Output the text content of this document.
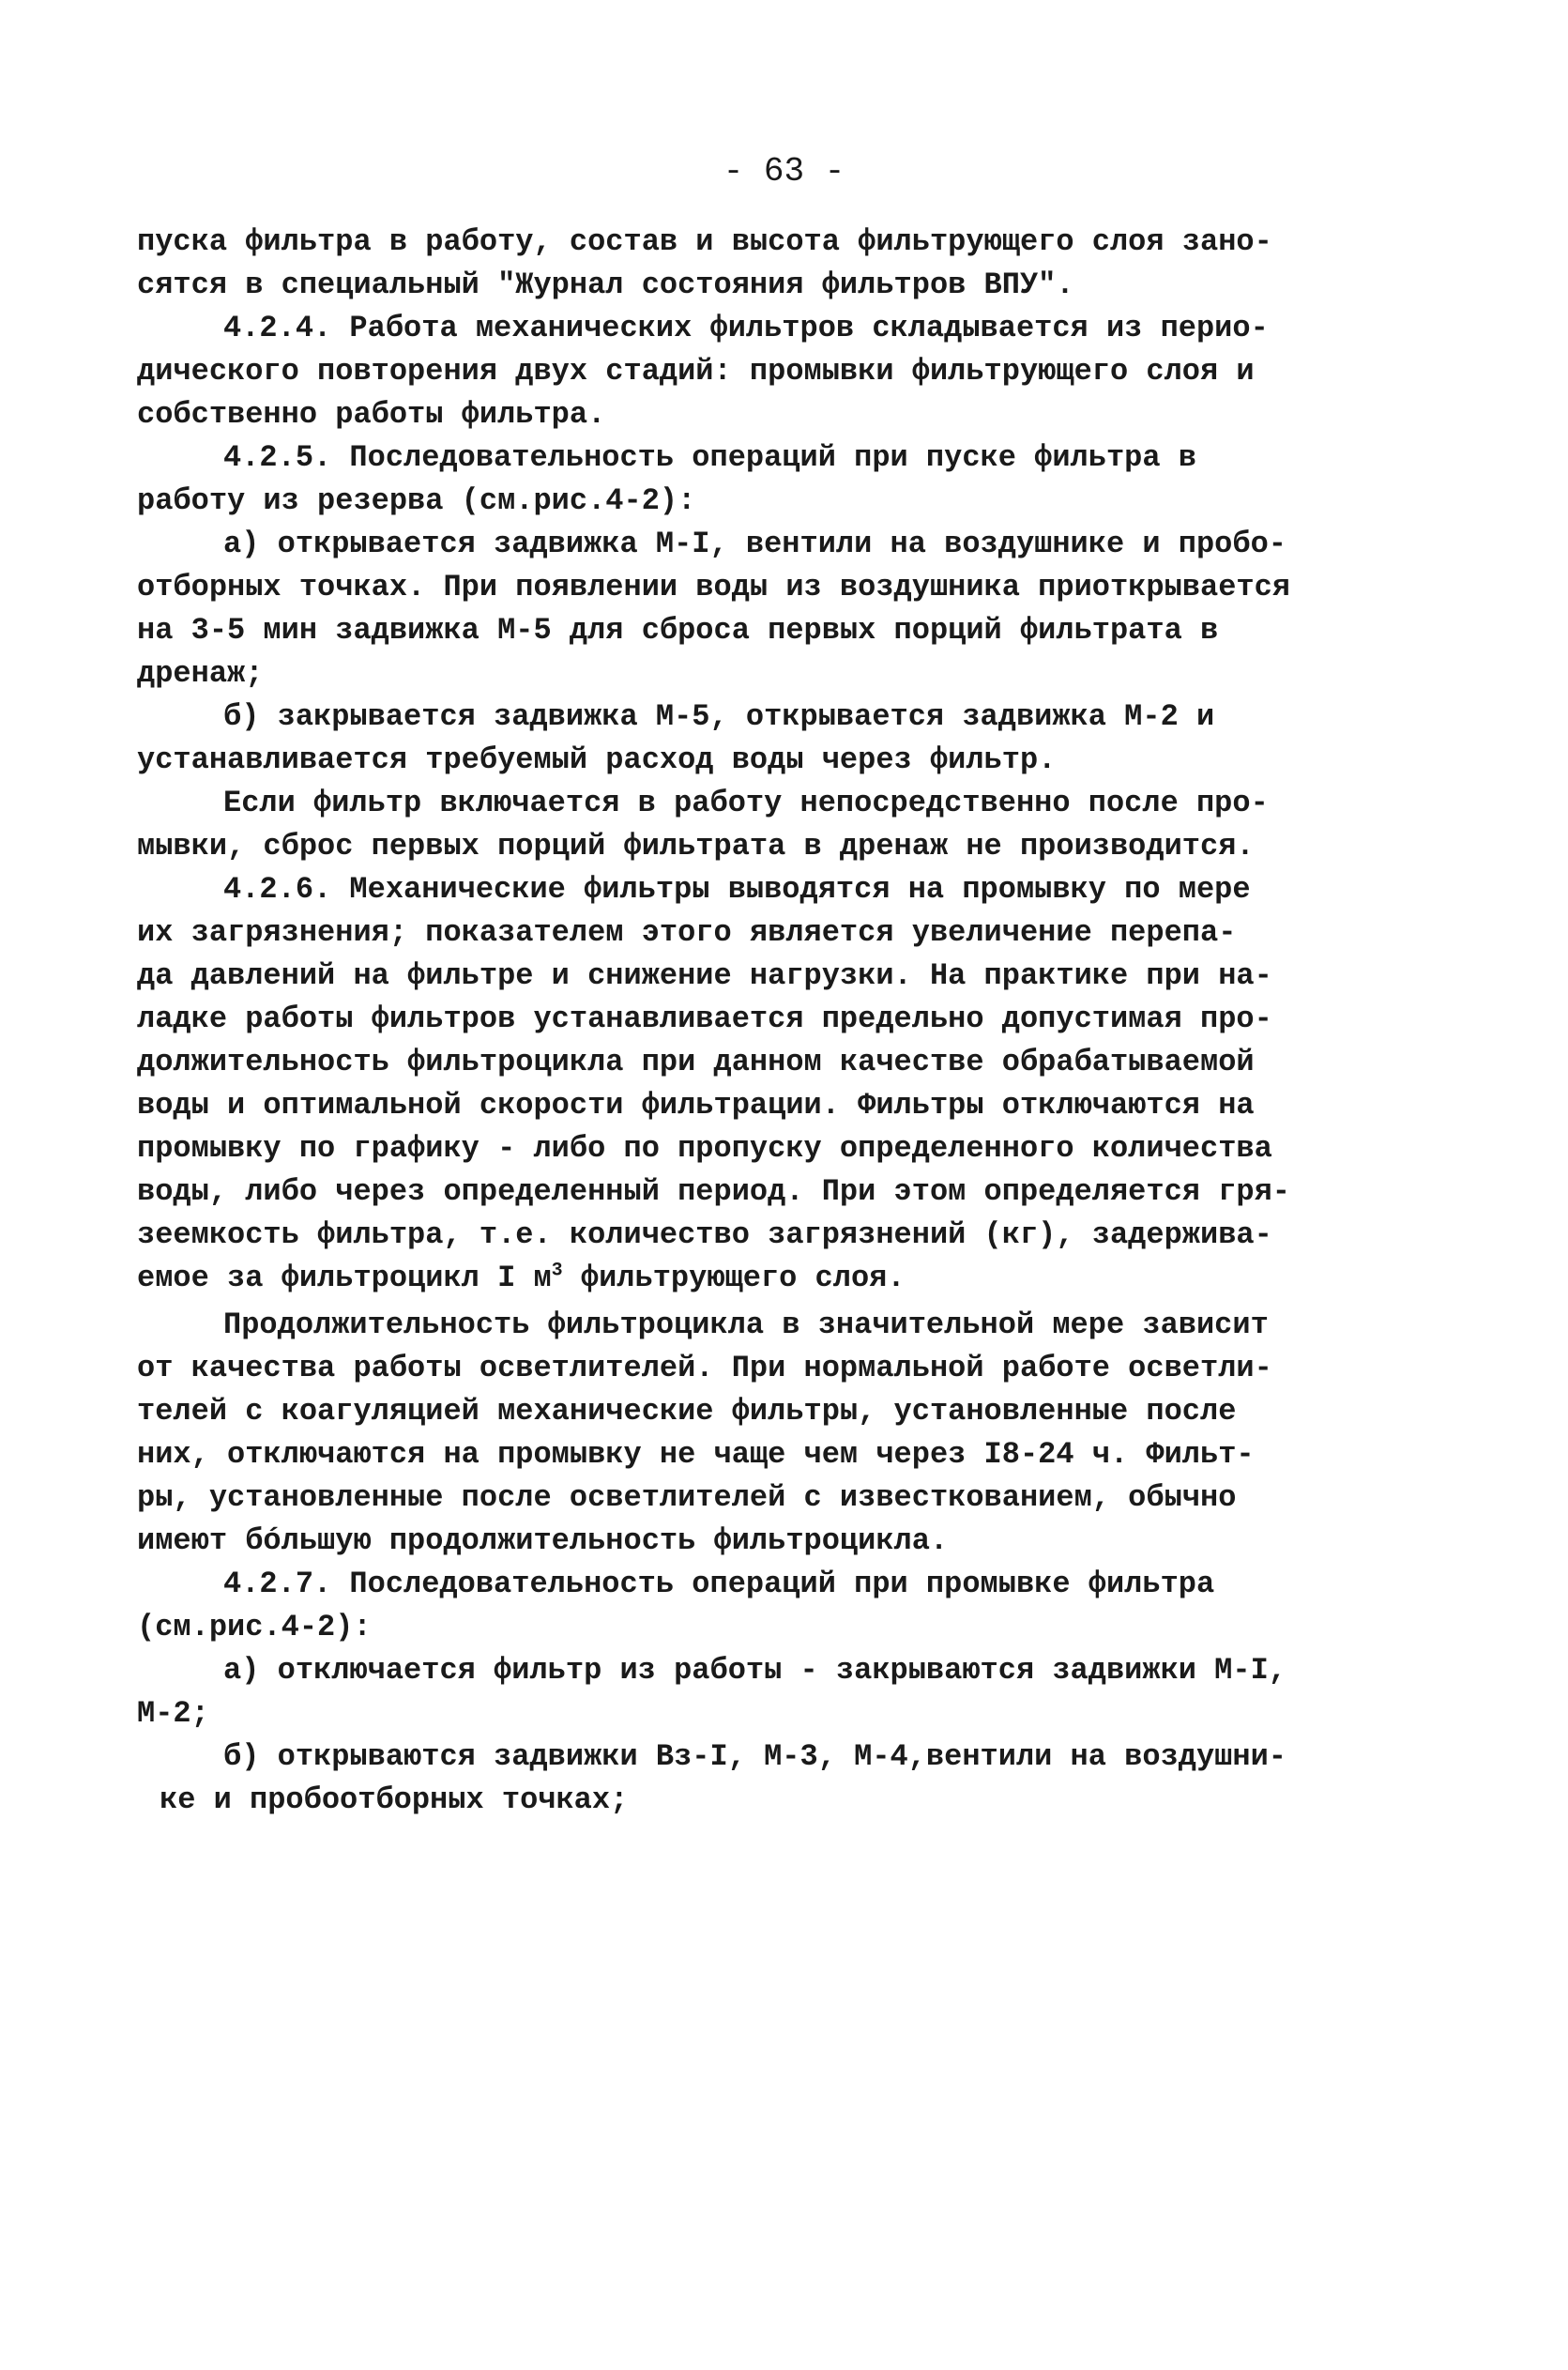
- 63 -
пуска фильтра в работу, состав и высота фильтрующего слоя зано-
сятся в специальный "Журнал состояния фильтров ВПУ".
4.2.4. Работа механических фильтров складывается из перио-
дического повторения двух стадий: промывки фильтрующего слоя и
собственно работы фильтра.
4.2.5. Последовательность операций при пуске фильтра в
работу из резерва (см.рис.4-2):
а) открывается задвижка М-I, вентили на воздушнике и пробо-
отборных точках. При появлении воды из воздушника приоткрывается
на 3-5 мин задвижка М-5 для сброса первых порций фильтрата в
дренаж;
б) закрывается задвижка М-5, открывается задвижка М-2 и
устанавливается требуемый расход воды через фильтр.
Если фильтр включается в работу непосредственно после про-
мывки, сброс первых порций фильтрата в дренаж не производится.
4.2.6. Механические фильтры выводятся на промывку по мере
их загрязнения; показателем этого является увеличение перепа-
да давлений на фильтре и снижение нагрузки. На практике при на-
ладке работы фильтров устанавливается предельно допустимая про-
должительность фильтроцикла при данном качестве обрабатываемой
воды и оптимальной скорости фильтрации. Фильтры отключаются на
промывку по графику - либо по пропуску определенного количества
воды, либо через определенный период. При этом определяется гря-
зеемкость фильтра, т.е. количество загрязнений (кг), задержива-
емое за фильтроцикл I $м^3$ фильтрующего слоя.
Продолжительность фильтроцикла в значительной мере зависит
от качества работы осветлителей. При нормальной работе осветли-
телей с коагуляцией механические фильтры, установленные после
них, отключаются на промывку не чаще чем через I8-24 ч. Фильт-
ры, установленные после осветлителей с известкованием, обычно
имеют бóльшую продолжительность фильтроцикла.
4.2.7. Последовательность операций при промывке фильтра
(см.рис.4-2):
а) отключается фильтр из работы - закрываются задвижки М-I,
М-2;
б) открываются задвижки Вз-I, М-3, М-4,вентили на воздушни-
ке и пробоотборных точках;
